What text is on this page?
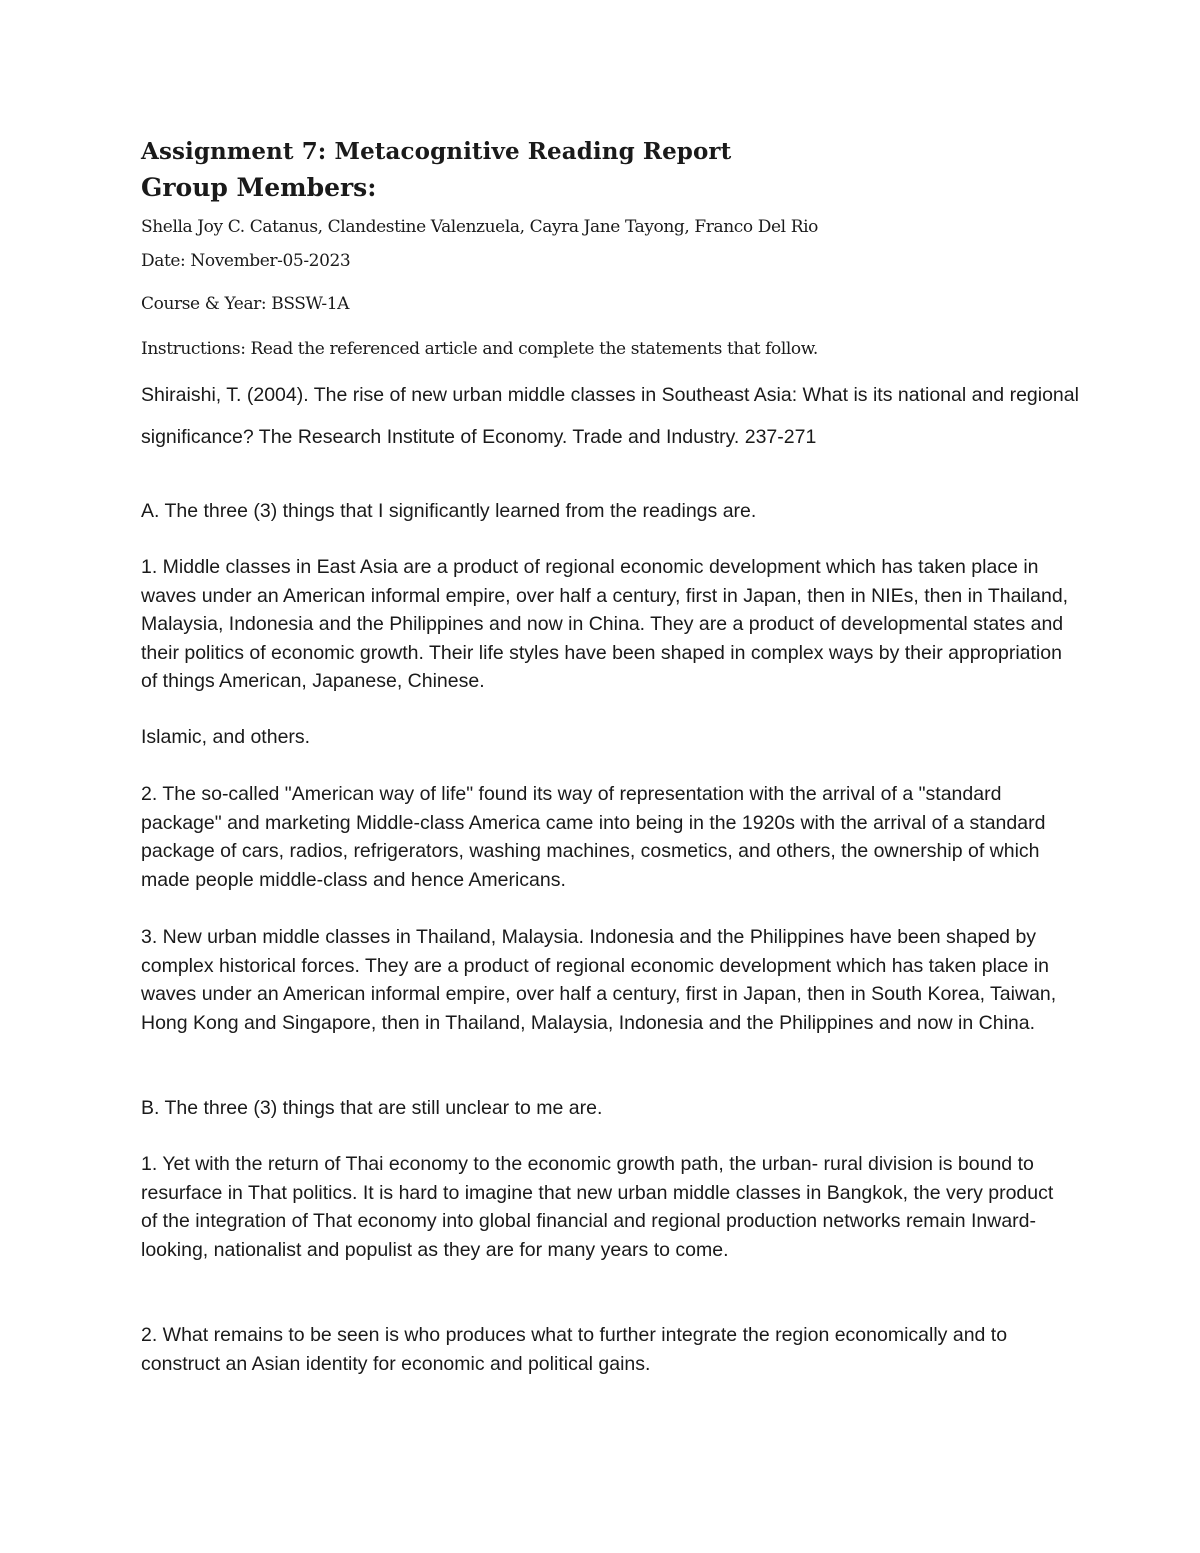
Assignment 7: Metacognitive Reading Report
Group Members:
Shella Joy C. Catanus, Clandestine Valenzuela, Cayra Jane Tayong, Franco Del Rio
Date: November-05-2023
Course & Year: BSSW-1A
Instructions: Read the referenced article and complete the statements that follow.
Shiraishi, T. (2004). The rise of new urban middle classes in Southeast Asia: What is its national and regional significance? The Research Institute of Economy. Trade and Industry. 237-271
A. The three (3) things that I significantly learned from the readings are.
1. Middle classes in East Asia are a product of regional economic development which has taken place in waves under an American informal empire, over half a century, first in Japan, then in NIEs, then in Thailand, Malaysia, Indonesia and the Philippines and now in China. They are a product of developmental states and their politics of economic growth. Their life styles have been shaped in complex ways by their appropriation of things American, Japanese, Chinese.
Islamic, and others.
2. The so-called "American way of life" found its way of representation with the arrival of a "standard package" and marketing Middle-class America came into being in the 1920s with the arrival of a standard package of cars, radios, refrigerators, washing machines, cosmetics, and others, the ownership of which made people middle-class and hence Americans.
3. New urban middle classes in Thailand, Malaysia. Indonesia and the Philippines have been shaped by complex historical forces. They are a product of regional economic development which has taken place in waves under an American informal empire, over half a century, first in Japan, then in South Korea, Taiwan, Hong Kong and Singapore, then in Thailand, Malaysia, Indonesia and the Philippines and now in China.
B. The three (3) things that are still unclear to me are.
1. Yet with the return of Thai economy to the economic growth path, the urban- rural division is bound to resurface in That politics. It is hard to imagine that new urban middle classes in Bangkok, the very product of the integration of That economy into global financial and regional production networks remain Inward-looking, nationalist and populist as they are for many years to come.
2. What remains to be seen is who produces what to further integrate the region economically and to construct an Asian identity for economic and political gains.
